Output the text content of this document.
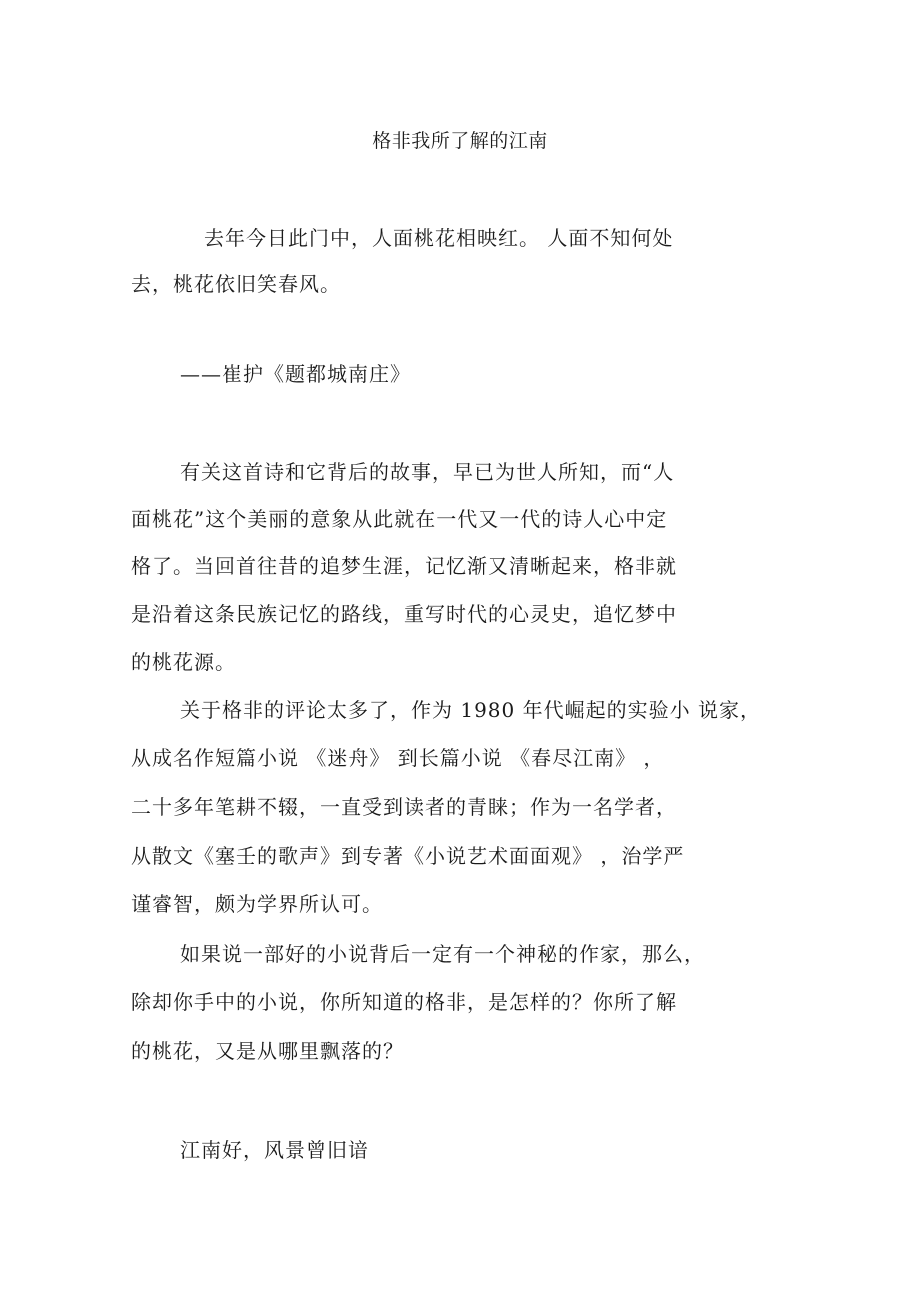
格非我所了解的江南
去年今日此门中，人面桃花相映红。 人面不知何处
去，桃花依旧笑春风。
——崔护《题都城南庄》
有关这首诗和它背后的故事，早已为世人所知，而“人
面桃花”这个美丽的意象从此就在一代又一代的诗人心中定
格了。当回首往昔的追梦生涯，记忆渐又清晰起来，格非就
是沿着这条民族记忆的路线，重写时代的心灵史，追忆梦中
的桃花源。
关于格非的评论太多了，作为 1980 年代崛起的实验小 说家，
从成名作短篇小说 《迷舟》 到长篇小说 《春尽江南》 ，
二十多年笔耕不辍，一直受到读者的青睐；作为一名学者，
从散文《塞壬的歌声》到专著《小说艺术面面观》 ，治学严
谨睿智，颇为学界所认可。
如果说一部好的小说背后一定有一个神秘的作家，那么，
除却你手中的小说，你所知道的格非，是怎样的？你所了解
的桃花，又是从哪里飘落的？
江南好，风景曾旧谙
